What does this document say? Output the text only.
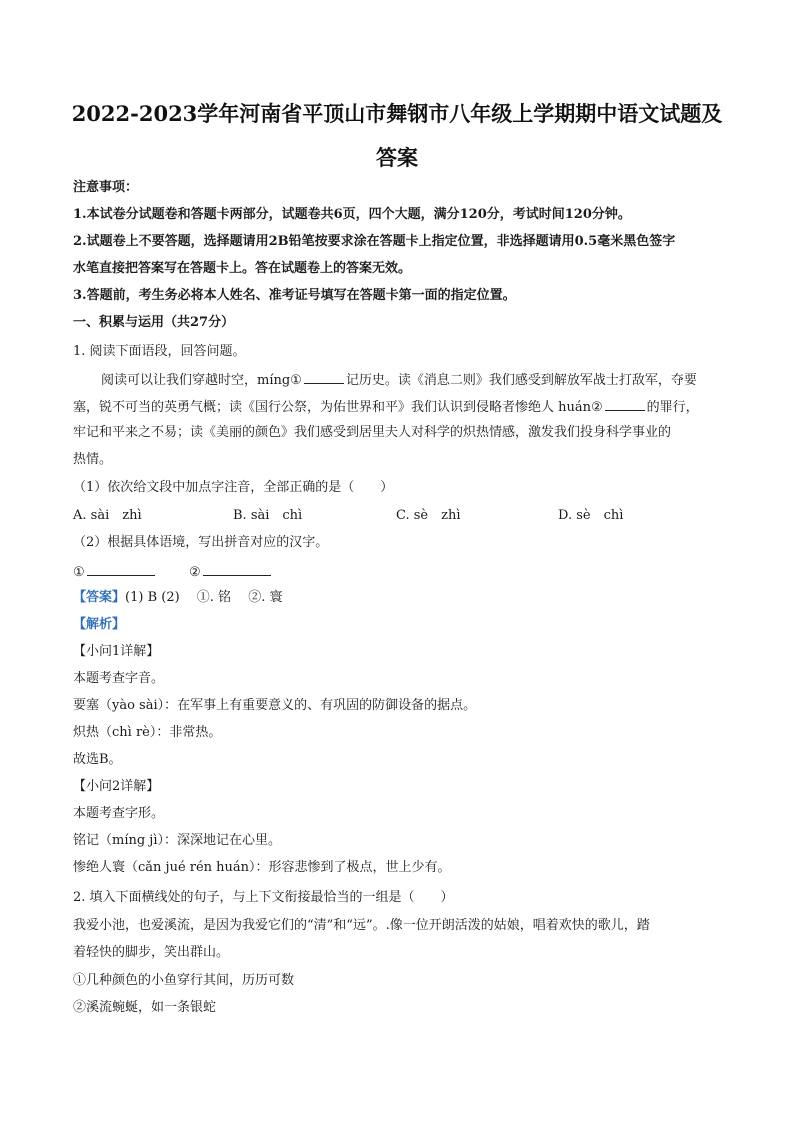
2022-2023学年河南省平顶山市舞钢市八年级上学期期中语文试题及
答案
注意事项：
1.本试卷分试题卷和答题卡两部分，试题卷共6页，四个大题，满分120分，考试时间120分钟。
2.试题卷上不要答题，选择题请用2B铅笔按要求涂在答题卡上指定位置，非选择题请用0.5毫米黑色签字
水笔直接把答案写在答题卡上。答在试题卷上的答案无效。
3.答题前，考生务必将本人姓名、准考证号填写在答题卡第一面的指定位置。
一、积累与运用（共27分）
1. 阅读下面语段，回答问题。
阅读可以让我们穿越时空，míng①	记历史。读《消息二则》我们感受到解放军战士打敌军，夺要
塞，锐不可当的英勇气概；读《国行公祭，为佑世界和平》我们认识到侵略者惨绝人 huán②	的罪行，
牢记和平来之不易；读《美丽的颜色》我们感受到居里夫人对科学的炽热情感，激发我们投身科学事业的
热情。
（1）依次给文段中加点字注音，全部正确的是（　　）
A. sài　zhì	B. sài　chì	C. sè　zhì	D. sè　chì
（2）根据具体语境，写出拼音对应的汉字。
①	②
【答案】(1) B (2)　 ①. 铭　 ②. 寰
【解析】
【小问1详解】
本题考查字音。
要塞（yào sài）：在军事上有重要意义的、有巩固的防御设备的据点。
炽热（chì rè）：非常热。
故选B。
【小问2详解】
本题考查字形。
铭记（míng jì）：深深地记在心里。
惨绝人寰（cǎn jué rén huán）：形容悲惨到了极点，世上少有。
2. 填入下面横线处的句子，与上下文衔接最恰当的一组是（　　）
我爱小池，也爱溪流，是因为我爱它们的“清”和“远”。.像一位开朗活泼的姑娘，唱着欢快的歌儿，踏
着轻快的脚步，笑出群山。
①几种颜色的小鱼穿行其间，历历可数
②溪流蜿蜒，如一条银蛇
